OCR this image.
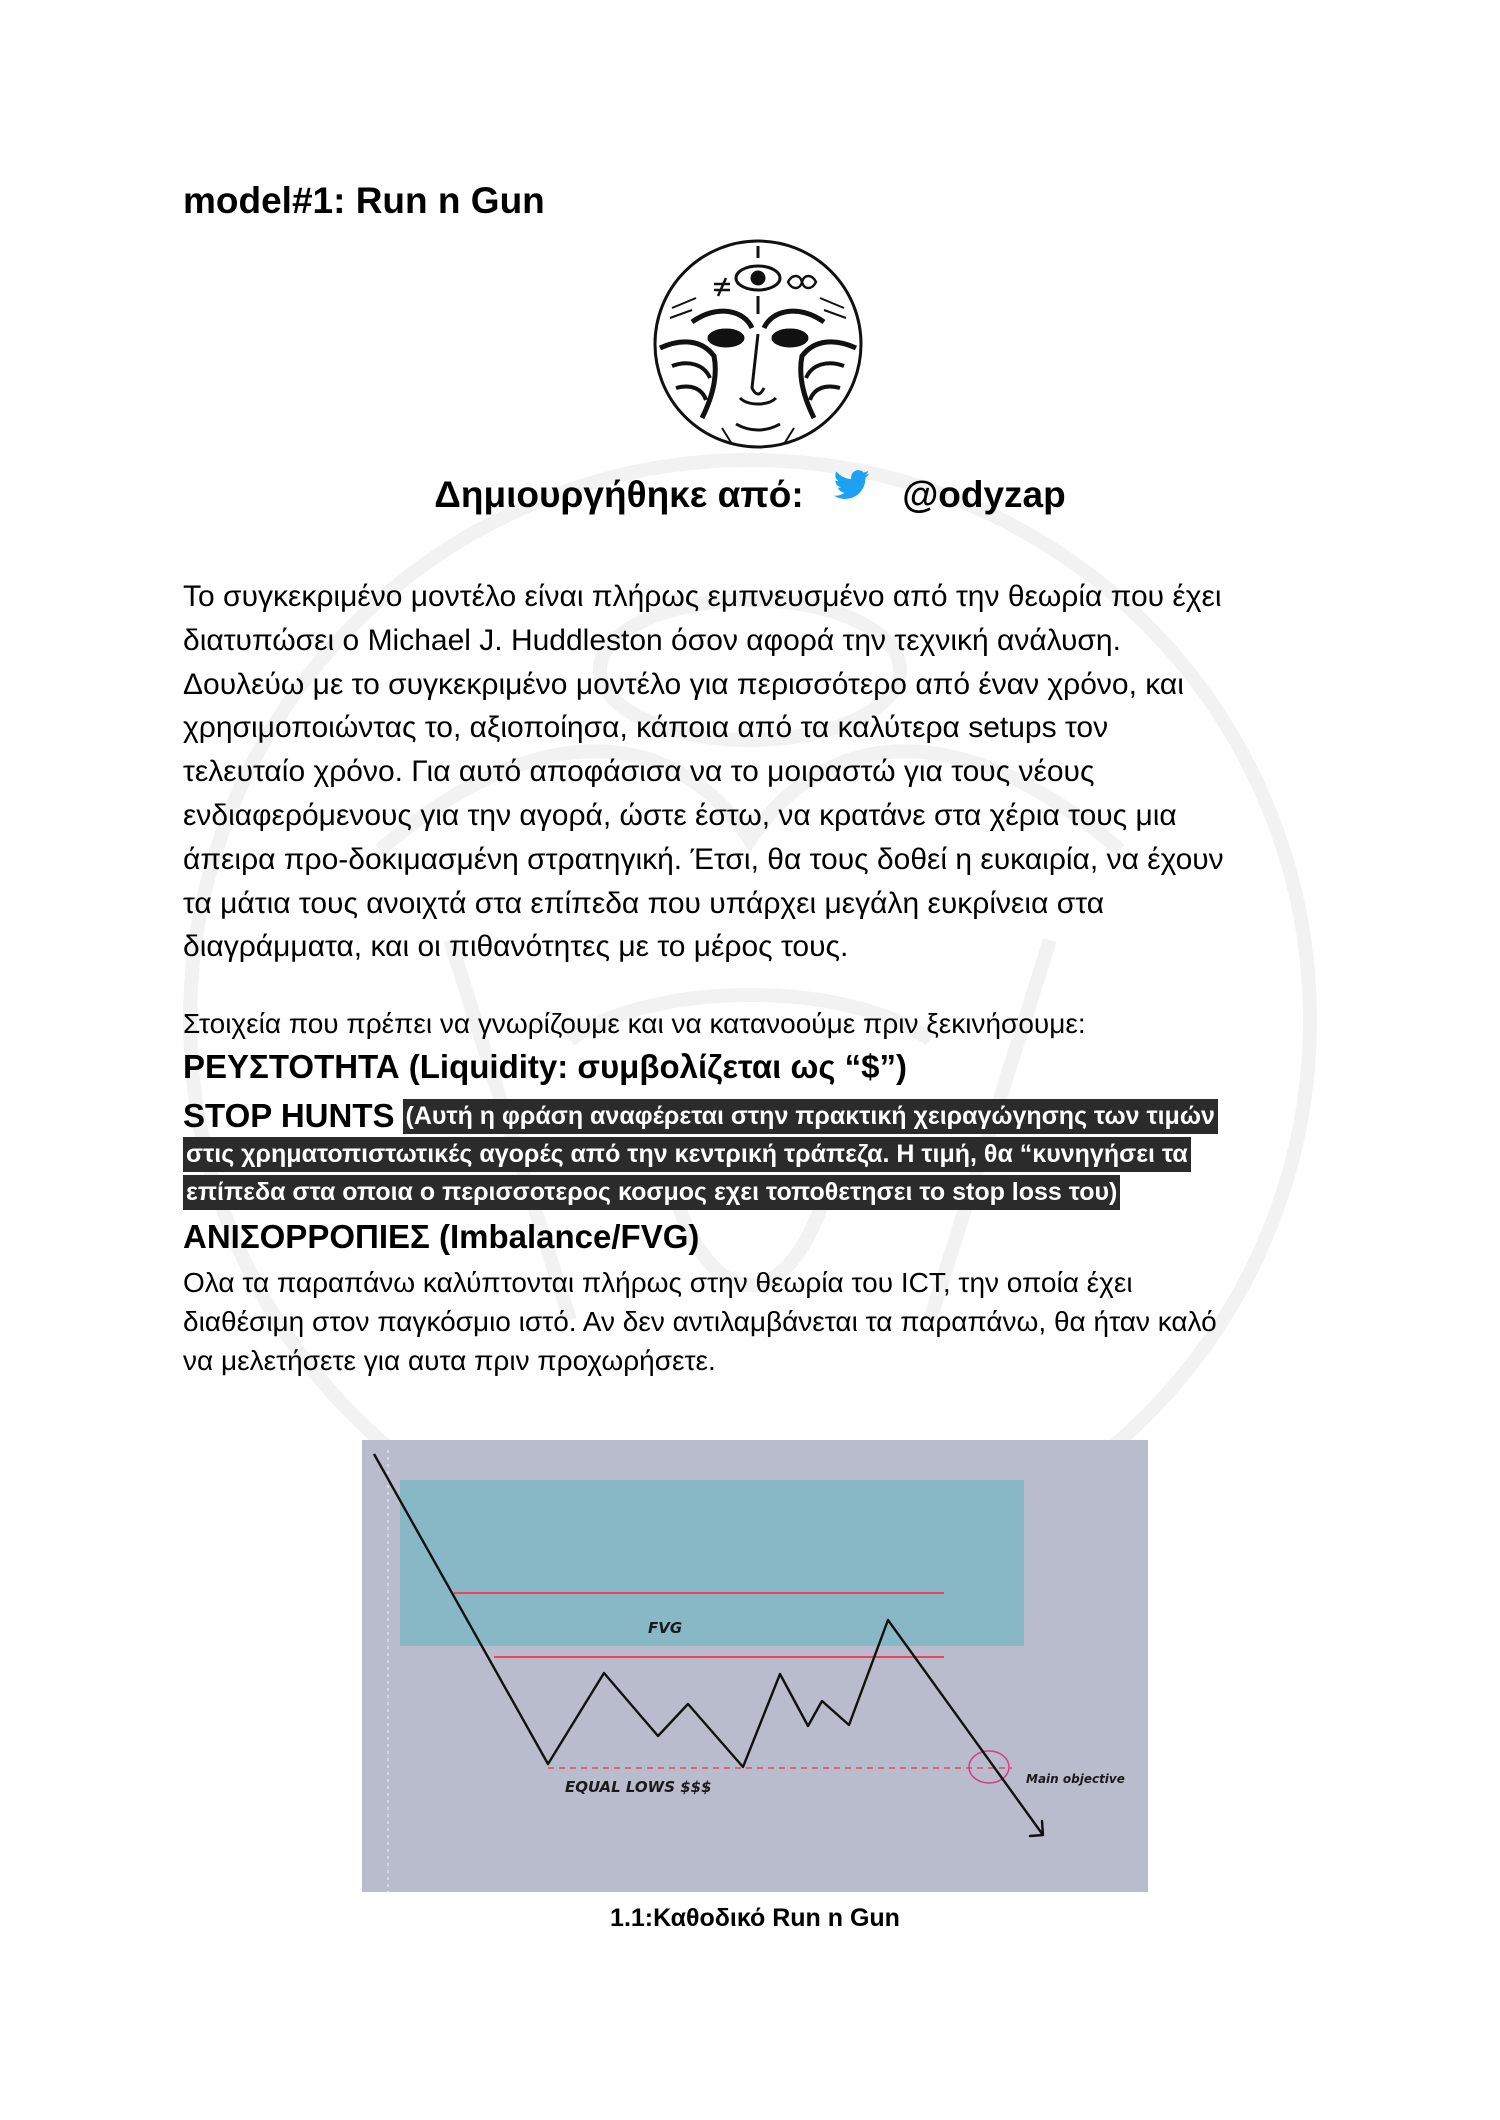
model#1: Run n Gun
Δημιουργήθηκε από:	@odyzap

Το συγκεκριμένο μοντέλο είναι πλήρως εμπνευσμένο από την θεωρία που έχει
διατυπώσει ο Michael J. Huddleston όσον αφορά την τεχνική ανάλυση.
Δουλεύω με το συγκεκριμένο μοντέλο για περισσότερο από έναν χρόνο, και
χρησιμοποιώντας το, αξιοποίησα, κάποια από τα καλύτερα setups τον
τελευταίο χρόνο. Για αυτό αποφάσισα να το μοιραστώ για τους νέους
ενδιαφερόμενους για την αγορά, ώστε έστω, να κρατάνε στα χέρια τους μια
άπειρα προ-δοκιμασμένη στρατηγική. Έτσι, θα τους δοθεί η ευκαιρία, να έχουν
τα μάτια τους ανοιχτά στα επίπεδα που υπάρχει μεγάλη ευκρίνεια στα
διαγράμματα, και οι πιθανότητες με το μέρος τους.

Στοιχεία που πρέπει να γνωρίζουμε και να κατανοούμε πριν ξεκινήσουμε:

ΡΕΥΣΤΟΤΗΤΑ (Liquidity: συμβολίζεται ως “$”)
STOP HUNTS (Αυτή η φράση αναφέρεται στην πρακτική χειραγώγησης των τιμών
στις χρηματοπιστωτικές αγορές από την κεντρική τράπεζα. Η τιμή, θα “κυνηγήσει τα
επίπεδα στα οποια ο περισσοτερος κοσμος εχει τοποθετησει το stop loss του)
ΑΝΙΣΟΡΡΟΠΙΕΣ (Imbalance/FVG)

Ολα τα παραπάνω καλύπτονται πλήρως στην θεωρία του ICT, την οποία έχει
διαθέσιμη στον παγκόσμιο ιστό. Αν δεν αντιλαμβάνεται τα παραπάνω, θα ήταν καλό
να μελετήσετε για αυτα πριν προχωρήσετε.

FVG
EQUAL LOWS $$$	Main objective
1.1:Καθοδικό Run n Gun
